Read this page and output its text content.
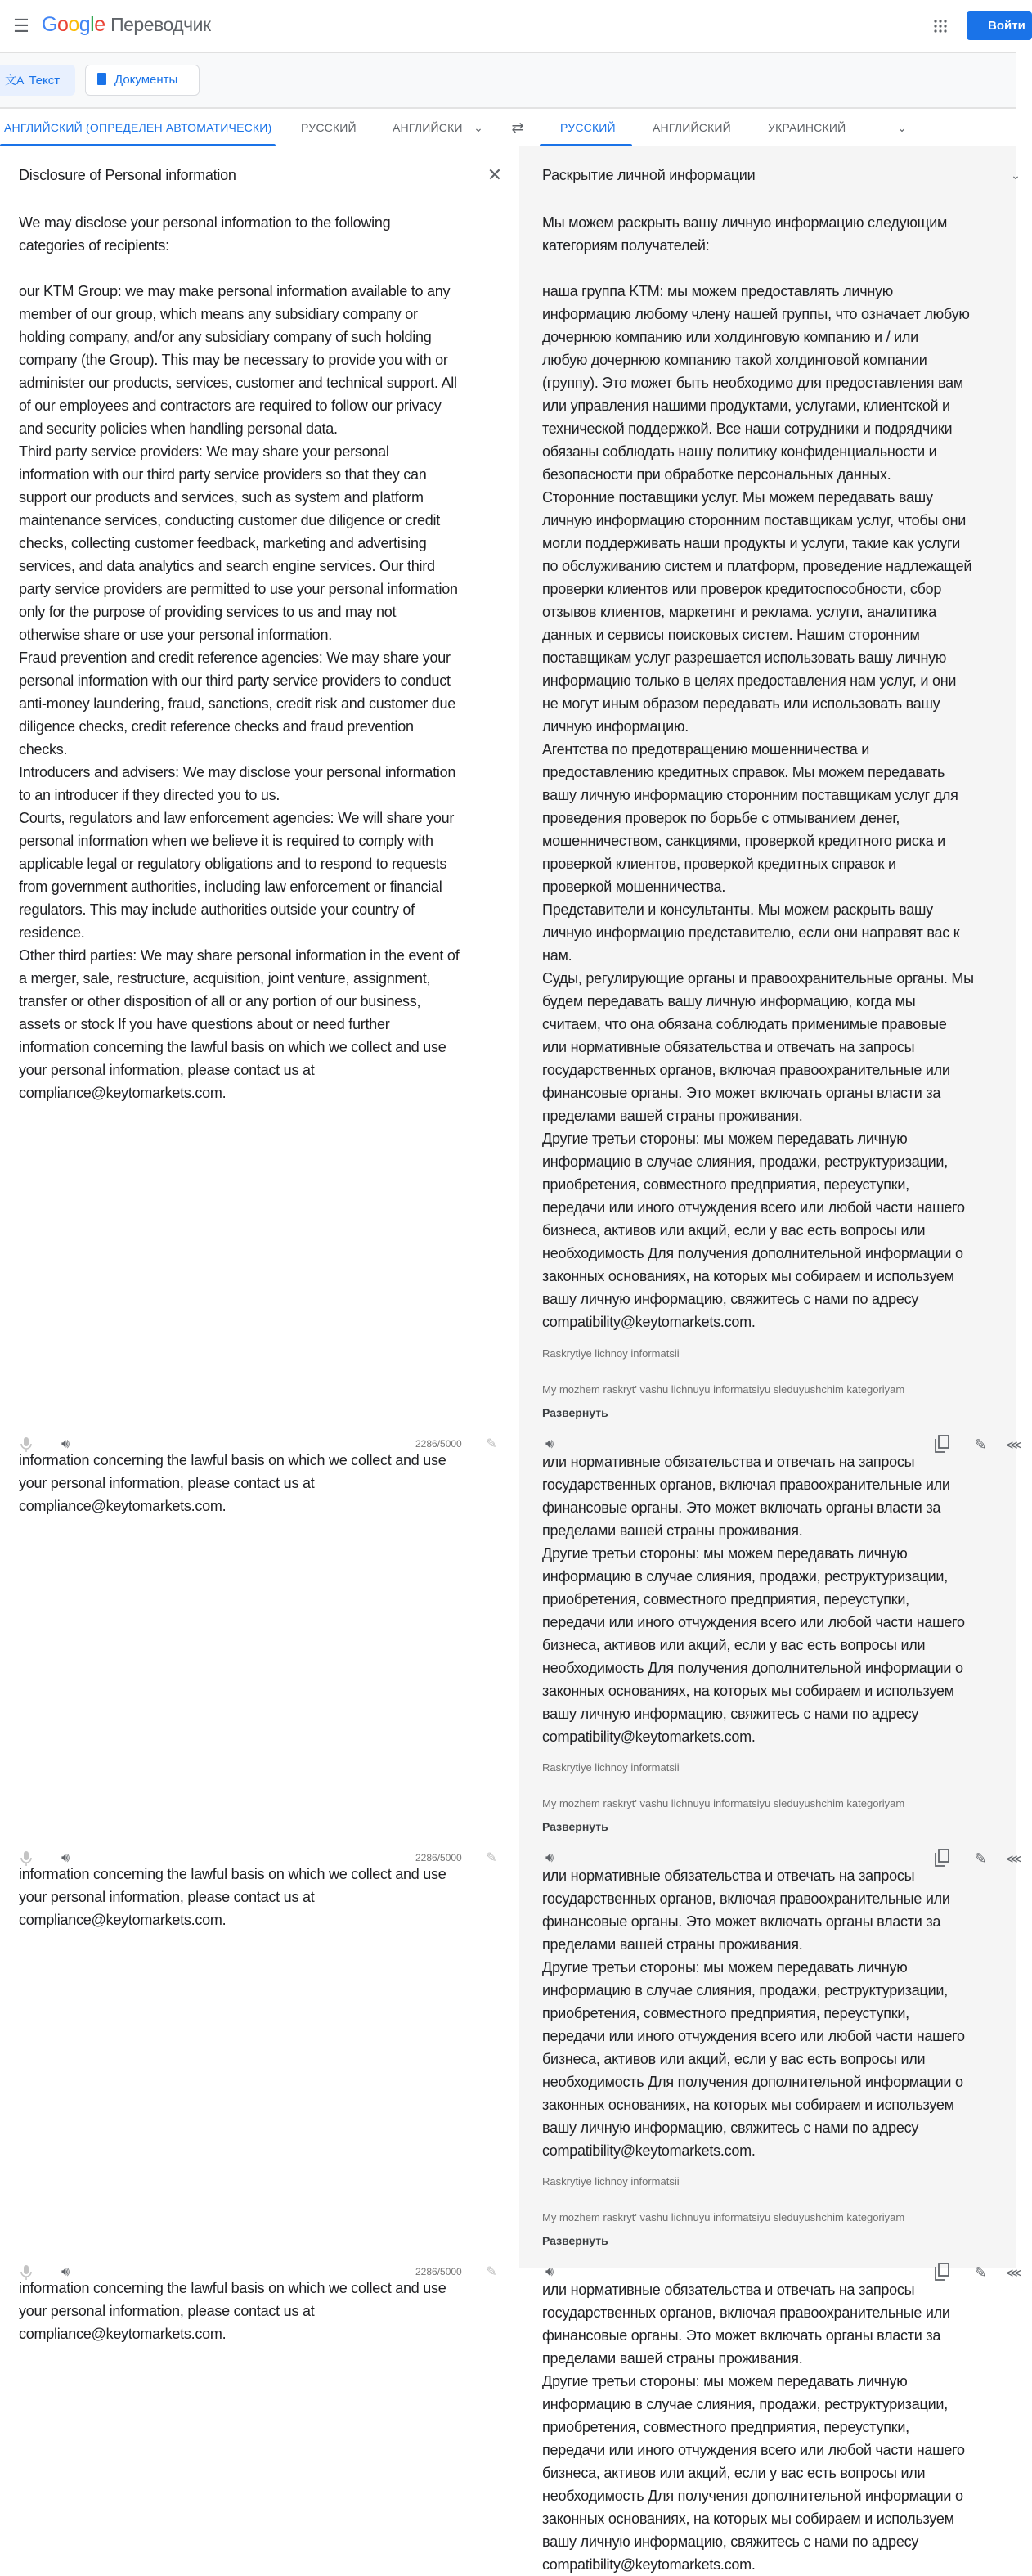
☰ Google Переводчик	Войти
文A Текст	Документы
АНГЛИЙСКИЙ (ОПРЕДЕЛЕН АВТОМАТИЧЕСКИ)	РУССКИЙ	АНГЛИЙСКИ ⌄ ⇄	РУССКИЙ	АНГЛИЙСКИЙ	УКРАИНСКИЙ	⌄
Disclosure of Personal information	✕	Раскрытие личной информации	⌄
We may disclose your personal information to the following
categories of recipients:
our KTM Group: we may make personal information available to any
member of our group, which means any subsidiary company or
holding company, and/or any subsidiary company of such holding
company (the Group). This may be necessary to provide you with or
administer our products, services, customer and technical support. All
of our employees and contractors are required to follow our privacy
and security policies when handling personal data.
Third party service providers: We may share your personal
information with our third party service providers so that they can
support our products and services, such as system and platform
maintenance services, conducting customer due diligence or credit
checks, collecting customer feedback, marketing and advertising
services, and data analytics and search engine services. Our third
party service providers are permitted to use your personal information
only for the purpose of providing services to us and may not
otherwise share or use your personal information.
Fraud prevention and credit reference agencies: We may share your
personal information with our third party service providers to conduct
anti-money laundering, fraud, sanctions, credit risk and customer due
diligence checks, credit reference checks and fraud prevention
checks.
Introducers and advisers: We may disclose your personal information
to an introducer if they directed you to us.
Courts, regulators and law enforcement agencies: We will share your
personal information when we believe it is required to comply with
applicable legal or regulatory obligations and to respond to requests
from government authorities, including law enforcement or financial
regulators. This may include authorities outside your country of
residence.
Other third parties: We may share personal information in the event of
a merger, sale, restructure, acquisition, joint venture, assignment,
transfer or other disposition of all or any portion of our business,
assets or stock If you have questions about or need further
information concerning the lawful basis on which we collect and use
your personal information, please contact us at
compliance@keytomarkets.com.
Мы можем раскрыть вашу личную информацию следующим
категориям получателей:
наша группа KTM: мы можем предоставлять личную
информацию любому члену нашей группы, что означает любую
дочернюю компанию или холдинговую компанию и / или
любую дочернюю компанию такой холдинговой компании
(группу). Это может быть необходимо для предоставления вам
или управления нашими продуктами, услугами, клиентской и
технической поддержкой. Все наши сотрудники и подрядчики
обязаны соблюдать нашу политику конфиденциальности и
безопасности при обработке персональных данных.
Сторонние поставщики услуг. Мы можем передавать вашу
личную информацию сторонним поставщикам услуг, чтобы они
могли поддерживать наши продукты и услуги, такие как услуги
по обслуживанию систем и платформ, проведение надлежащей
проверки клиентов или проверок кредитоспособности, сбор
отзывов клиентов, маркетинг и реклама. услуги, аналитика
данных и сервисы поисковых систем. Нашим сторонним
поставщикам услуг разрешается использовать вашу личную
информацию только в целях предоставления нам услуг, и они
не могут иным образом передавать или использовать вашу
личную информацию.
Агентства по предотвращению мошенничества и
предоставлению кредитных справок. Мы можем передавать
вашу личную информацию сторонним поставщикам услуг для
проведения проверок по борьбе с отмыванием денег,
мошенничеством, санкциями, проверкой кредитного риска и
проверкой клиентов, проверкой кредитных справок и
проверкой мошенничества.
Представители и консультанты. Мы можем раскрыть вашу
личную информацию представителю, если они направят вас к
нам.
Суды, регулирующие органы и правоохранительные органы. Мы
будем передавать вашу личную информацию, когда мы
считаем, что она обязана соблюдать применимые правовые
или нормативные обязательства и отвечать на запросы
государственных органов, включая правоохранительные или
финансовые органы. Это может включать органы власти за
пределами вашей страны проживания.
Другие третьи стороны: мы можем передавать личную
информацию в случае слияния, продажи, реструктуризации,
приобретения, совместного предприятия, переуступки,
передачи или иного отчуждения всего или любой части нашего
бизнеса, активов или акций, если у вас есть вопросы или
необходимость Для получения дополнительной информации о
законных основаниях, на которых мы собираем и используем
вашу личную информацию, свяжитесь с нами по адресу
compatibility@keytomarkets.com.
Raskrytiye lichnoy informatsii
My mozhem raskryt' vashu lichnuyu informatsiyu sleduyushchim kategoriyam
Развернуть
🔊︎	2286/5000 ✎	🔊︎	✎	⋘
information concerning the lawful basis on which we collect and use
your personal information, please contact us at
compliance@keytomarkets.com.
или нормативные обязательства и отвечать на запросы
государственных органов, включая правоохранительные или
финансовые органы. Это может включать органы власти за
пределами вашей страны проживания.
Другие третьи стороны: мы можем передавать личную
информацию в случае слияния, продажи, реструктуризации,
приобретения, совместного предприятия, переуступки,
передачи или иного отчуждения всего или любой части нашего
бизнеса, активов или акций, если у вас есть вопросы или
необходимость Для получения дополнительной информации о
законных основаниях, на которых мы собираем и используем
вашу личную информацию, свяжитесь с нами по адресу
compatibility@keytomarkets.com.
Raskrytiye lichnoy informatsii
My mozhem raskryt' vashu lichnuyu informatsiyu sleduyushchim kategoriyam
Развернуть
🔊︎	2286/5000 ✎	🔊︎	✎	⋘
information concerning the lawful basis on which we collect and use
your personal information, please contact us at
compliance@keytomarkets.com.
или нормативные обязательства и отвечать на запросы
государственных органов, включая правоохранительные или
финансовые органы. Это может включать органы власти за
пределами вашей страны проживания.
Другие третьи стороны: мы можем передавать личную
информацию в случае слияния, продажи, реструктуризации,
приобретения, совместного предприятия, переуступки,
передачи или иного отчуждения всего или любой части нашего
бизнеса, активов или акций, если у вас есть вопросы или
необходимость Для получения дополнительной информации о
законных основаниях, на которых мы собираем и используем
вашу личную информацию, свяжитесь с нами по адресу
compatibility@keytomarkets.com.
Raskrytiye lichnoy informatsii
My mozhem raskryt' vashu lichnuyu informatsiyu sleduyushchim kategoriyam
Развернуть
🔊︎	2286/5000 ✎	🔊︎	✎	⋘
information concerning the lawful basis on which we collect and use
your personal information, please contact us at
compliance@keytomarkets.com.
или нормативные обязательства и отвечать на запросы
государственных органов, включая правоохранительные или
финансовые органы. Это может включать органы власти за
пределами вашей страны проживания.
Другие третьи стороны: мы можем передавать личную
информацию в случае слияния, продажи, реструктуризации,
приобретения, совместного предприятия, переуступки,
передачи или иного отчуждения всего или любой части нашего
бизнеса, активов или акций, если у вас есть вопросы или
необходимость Для получения дополнительной информации о
законных основаниях, на которых мы собираем и используем
вашу личную информацию, свяжитесь с нами по адресу
compatibility@keytomarkets.com.
